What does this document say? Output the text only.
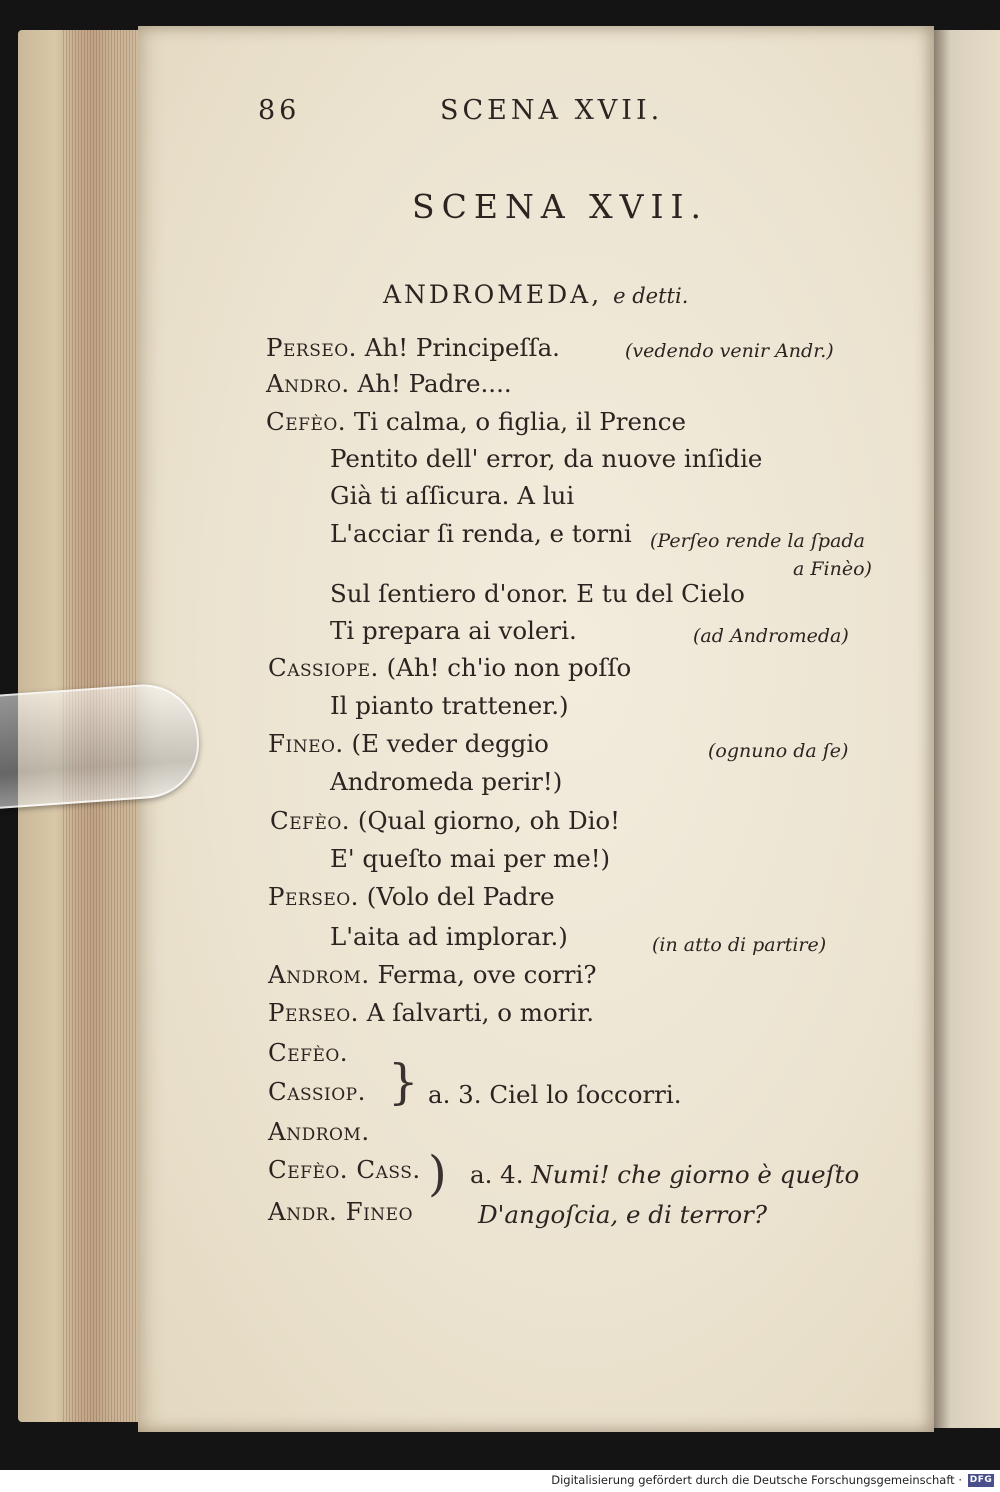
86	SCENA XVII.
SCENA XVII.
ANDROMEDA, e detti.
Perseo. Ah! Principeſſa.	(vedendo venir Andr.)
Andro. Ah! Padre....
Cefèo. Ti calma, o figlia, il Prence
Pentito dell' error, da nuove inſidie
Già ti aſſicura. A lui
L'acciar ſi renda, e torni (Perſeo rende la ſpada
a Finèo)
Sul ſentiero d'onor. E tu del Cielo
Ti prepara ai voleri.	(ad Andromeda)
Cassiope. (Ah! ch'io non poſſo
Il pianto trattener.)
Fineo. (E veder deggio	(ognuno da ſe)
Andromeda perir!)
Cefèo. (Qual giorno, oh Dio!
E' queſto mai per me!)
Perseo. (Volo del Padre
L'aita ad implorar.)	(in atto di partire)
Androm. Ferma, ove corri?
Perseo. A ſalvarti, o morir.
Cefèo.
Cassiop.
Androm.
} a. 3. Ciel lo ſoccorri.
Cefèo. Cass.
Andr. Fineo
) a. 4. Numi! che giorno è queſto
D'angoſcia, e di terror?
Digitalisierung gefördert durch die Deutsche Forschungsgemeinschaft · DFG
